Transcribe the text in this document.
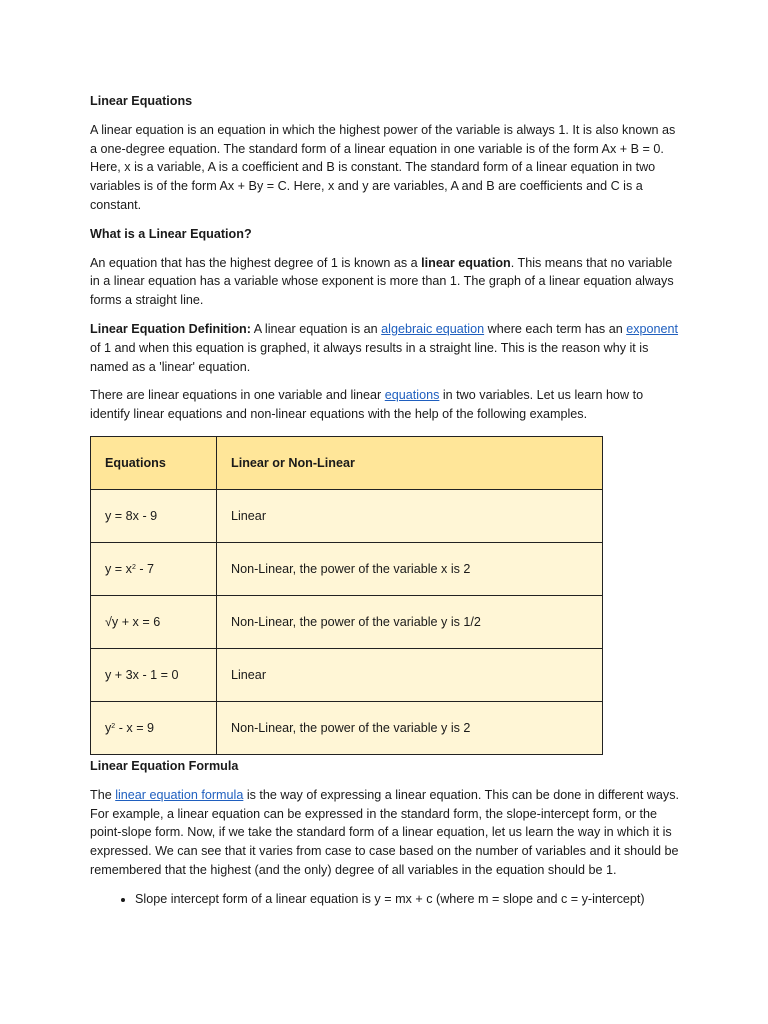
Linear Equations

A linear equation is an equation in which the highest power of the variable is always 1. It is also known as a one-degree equation. The standard form of a linear equation in one variable is of the form Ax + B = 0. Here, x is a variable, A is a coefficient and B is constant. The standard form of a linear equation in two variables is of the form Ax + By = C. Here, x and y are variables, A and B are coefficients and C is a constant.

What is a Linear Equation?

An equation that has the highest degree of 1 is known as a linear equation. This means that no variable in a linear equation has a variable whose exponent is more than 1. The graph of a linear equation always forms a straight line.

Linear Equation Definition: A linear equation is an algebraic equation where each term has an exponent of 1 and when this equation is graphed, it always results in a straight line. This is the reason why it is named as a 'linear' equation.

There are linear equations in one variable and linear equations in two variables. Let us learn how to identify linear equations and non-linear equations with the help of the following examples.

Equations	Linear or Non-Linear
y = 8x - 9	Linear
$y = x^2 - 7$	Non-Linear, the power of the variable x is 2
√y + x = 6	Non-Linear, the power of the variable y is 1/2
y + 3x - 1 = 0	Linear
$y^2 - x = 9$	Non-Linear, the power of the variable y is 2
Linear Equation Formula

The linear equation formula is the way of expressing a linear equation. This can be done in different ways. For example, a linear equation can be expressed in the standard form, the slope-intercept form, or the point-slope form. Now, if we take the standard form of a linear equation, let us learn the way in which it is expressed. We can see that it varies from case to case based on the number of variables and it should be remembered that the highest (and the only) degree of all variables in the equation should be 1.

• Slope intercept form of a linear equation is y = mx + c (where m = slope and c = y-intercept)
